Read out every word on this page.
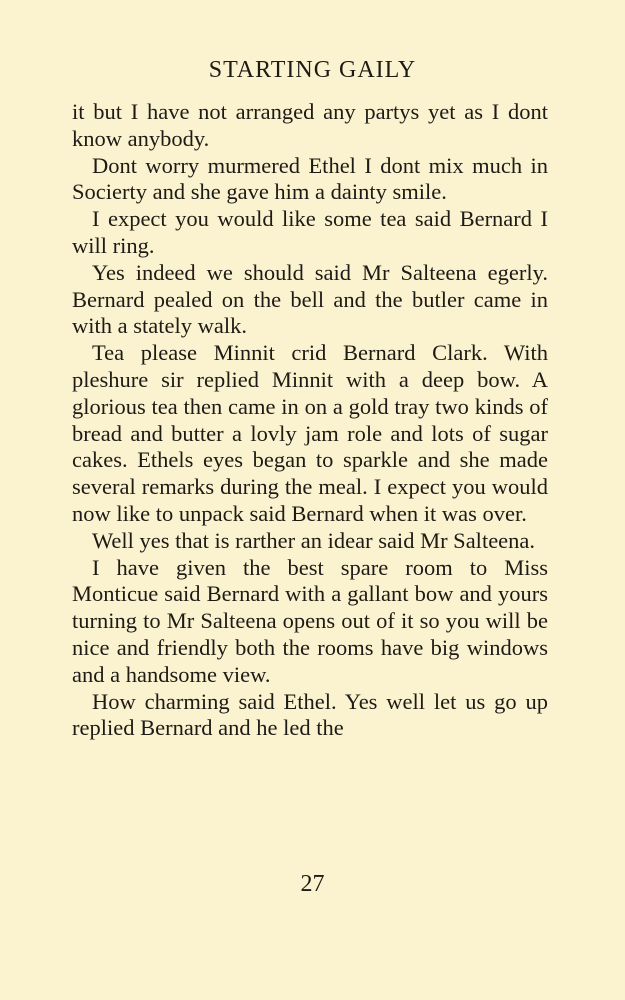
STARTING GAILY

it but I have not arranged any partys yet as I dont know anybody.

Dont worry murmered Ethel I dont mix much in Socierty and she gave him a dainty smile.

I expect you would like some tea said Bernard I will ring.

Yes indeed we should said Mr Salteena egerly. Bernard pealed on the bell and the butler came in with a stately walk.

Tea please Minnit crid Bernard Clark. With pleshure sir replied Minnit with a deep bow. A glorious tea then came in on a gold tray two kinds of bread and butter a lovly jam role and lots of sugar cakes. Ethels eyes began to sparkle and she made several remarks during the meal. I expect you would now like to unpack said Bernard when it was over.

Well yes that is rarther an idear said Mr Salteena.

I have given the best spare room to Miss Monticue said Bernard with a gallant bow and yours turning to Mr Salteena opens out of it so you will be nice and friendly both the rooms have big windows and a handsome view.

How charming said Ethel. Yes well let us go up replied Bernard and he led the

27
